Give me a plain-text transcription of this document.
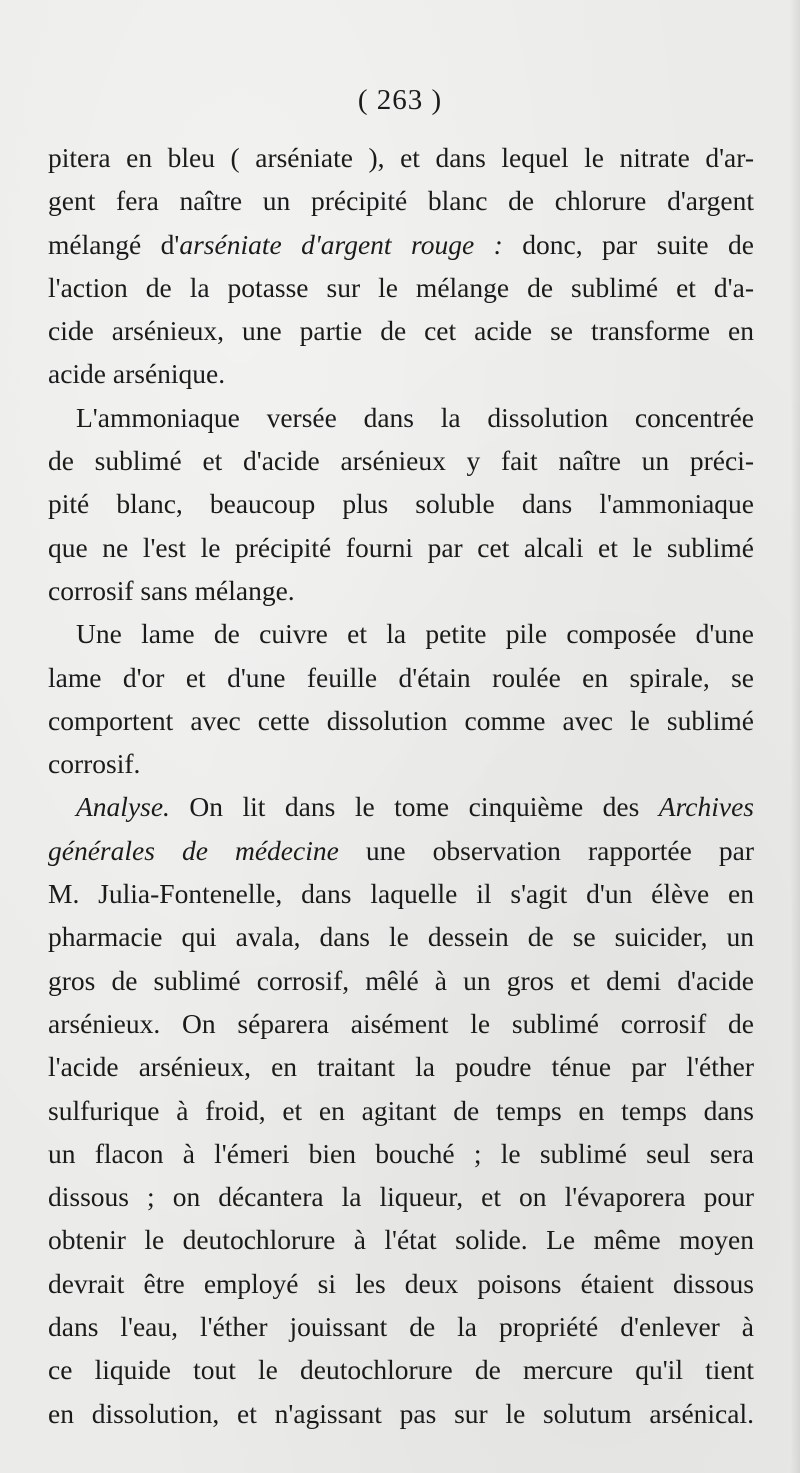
( 263 )
pitera en bleu ( arséniate ), et dans lequel le nitrate d'ar-
gent fera naître un précipité blanc de chlorure d'argent
mélangé d'arséniate d'argent rouge : donc, par suite de
l'action de la potasse sur le mélange de sublimé et d'a-
cide arsénieux, une partie de cet acide se transforme en
acide arsénique.
L'ammoniaque versée dans la dissolution concentrée
de sublimé et d'acide arsénieux y fait naître un préci-
pité blanc, beaucoup plus soluble dans l'ammoniaque
que ne l'est le précipité fourni par cet alcali et le sublimé
corrosif sans mélange.
Une lame de cuivre et la petite pile composée d'une
lame d'or et d'une feuille d'étain roulée en spirale, se
comportent avec cette dissolution comme avec le sublimé
corrosif.
Analyse. On lit dans le tome cinquième des Archives
générales de médecine une observation rapportée par
M. Julia-Fontenelle, dans laquelle il s'agit d'un élève en
pharmacie qui avala, dans le dessein de se suicider, un
gros de sublimé corrosif, mêlé à un gros et demi d'acide
arsénieux. On séparera aisément le sublimé corrosif de
l'acide arsénieux, en traitant la poudre ténue par l'éther
sulfurique à froid, et en agitant de temps en temps dans
un flacon à l'émeri bien bouché ; le sublimé seul sera
dissous ; on décantera la liqueur, et on l'évaporera pour
obtenir le deutochlorure à l'état solide. Le même moyen
devrait être employé si les deux poisons étaient dissous
dans l'eau, l'éther jouissant de la propriété d'enlever à
ce liquide tout le deutochlorure de mercure qu'il tient
en dissolution, et n'agissant pas sur le solutum arsénical.
